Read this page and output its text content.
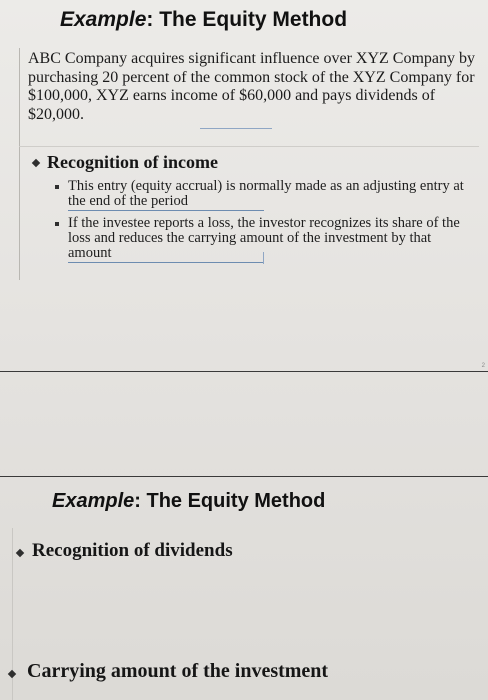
Example: The Equity Method
ABC Company acquires significant influence over XYZ Company by purchasing 20 percent of the common stock of the XYZ Company for $100,000, XYZ earns income of $60,000 and pays dividends of $20,000.
Recognition of income
This entry (equity accrual) is normally made as an adjusting entry at the end of the period
If the investee reports a loss, the investor recognizes its share of the loss and reduces the carrying amount of the investment by that amount
2
Example: The Equity Method
Recognition of dividends
Carrying amount of the investment
